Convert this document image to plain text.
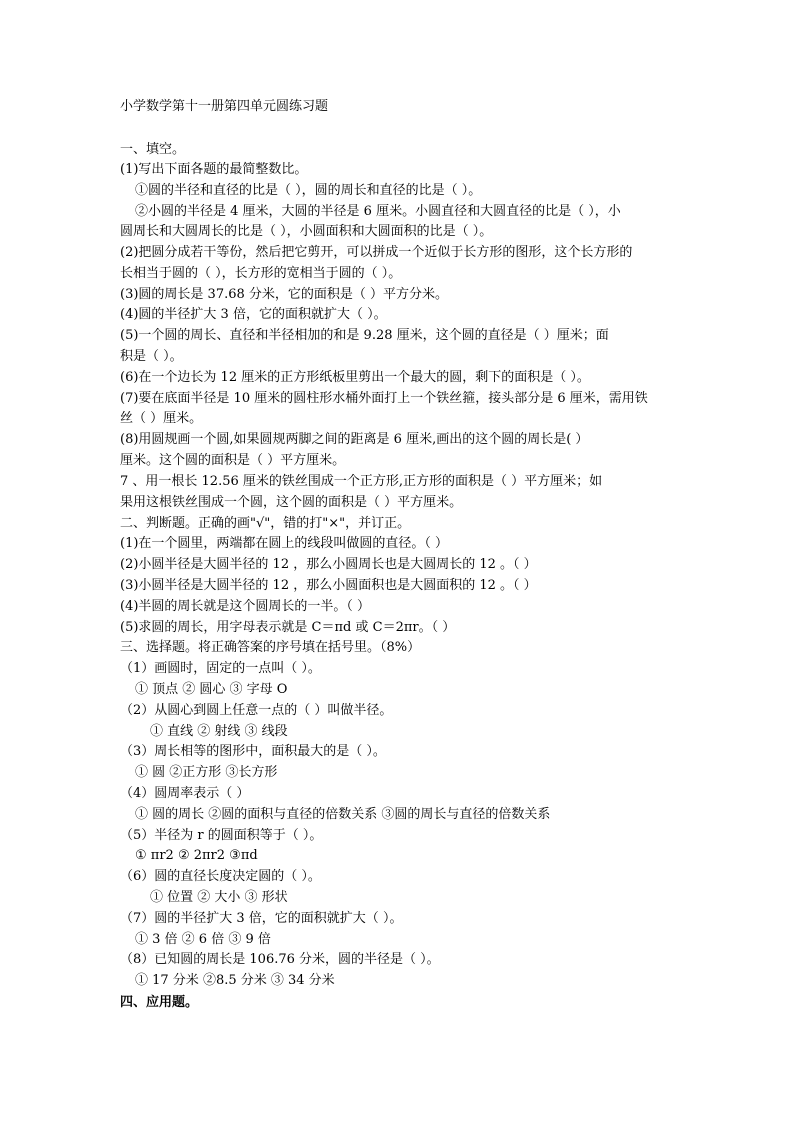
小学数学第十一册第四单元圆练习题
一、填空。
(1)写出下面各题的最简整数比。
①圆的半径和直径的比是（ ），圆的周长和直径的比是（ ）。
②小圆的半径是 4 厘米，大圆的半径是 6 厘米。小圆直径和大圆直径的比是（ ），小
圆周长和大圆周长的比是（ ），小圆面积和大圆面积的比是（ ）。
(2)把圆分成若干等份，然后把它剪开，可以拼成一个近似于长方形的图形，这个长方形的
长相当于圆的（ ），长方形的宽相当于圆的（ ）。
(3)圆的周长是 37.68 分米，它的面积是（ ）平方分米。
(4)圆的半径扩大 3 倍，它的面积就扩大（ ）。
(5)一个圆的周长、直径和半径相加的和是 9.28 厘米，这个圆的直径是（ ）厘米；面
积是（ ）。
(6)在一个边长为 12 厘米的正方形纸板里剪出一个最大的圆，剩下的面积是（ ）。
(7)要在底面半径是 10 厘米的圆柱形水桶外面打上一个铁丝箍，接头部分是 6 厘米，需用铁
丝（ ）厘米。
(8)用圆规画一个圆,如果圆规两脚之间的距离是 6 厘米,画出的这个圆的周长是( ）
厘米。这个圆的面积是（ ）平方厘米。
7 、用一根长 12.56 厘米的铁丝围成一个正方形,正方形的面积是（ ）平方厘米；如
果用这根铁丝围成一个圆，这个圆的面积是（ ）平方厘米。
二、判断题。正确的画"√"，错的打"×"，并订正。
(1)在一个圆里，两端都在圆上的线段叫做圆的直径。（ ）
(2)小圆半径是大圆半径的 12 ，那么小圆周长也是大圆周长的 12 。（ ）
(3)小圆半径是大圆半径的 12 ，那么小圆面积也是大圆面积的 12 。（ ）
(4)半圆的周长就是这个圆周长的一半。（ ）
(5)求圆的周长，用字母表示就是 C＝πd 或 C＝2πr。（ ）
三、选择题。将正确答案的序号填在括号里。（8%）
（1）画圆时，固定的一点叫（ ）。
① 顶点 ② 圆心 ③ 字母 O
（2）从圆心到圆上任意一点的（ ）叫做半径。
① 直线 ② 射线 ③ 线段
（3）周长相等的图形中，面积最大的是（ ）。
① 圆 ②正方形 ③长方形
（4）圆周率表示（ ）
① 圆的周长 ②圆的面积与直径的倍数关系 ③圆的周长与直径的倍数关系
（5）半径为 r 的圆面积等于（ ）。
① πr2 ② 2πr2 ③πd
（6）圆的直径长度决定圆的（ ）。
① 位置 ② 大小 ③ 形状
（7）圆的半径扩大 3 倍，它的面积就扩大（ ）。
① 3 倍 ② 6 倍 ③ 9 倍
（8）已知圆的周长是 106.76 分米，圆的半径是（ ）。
① 17 分米 ②8.5 分米 ③ 34 分米
四、应用题。
